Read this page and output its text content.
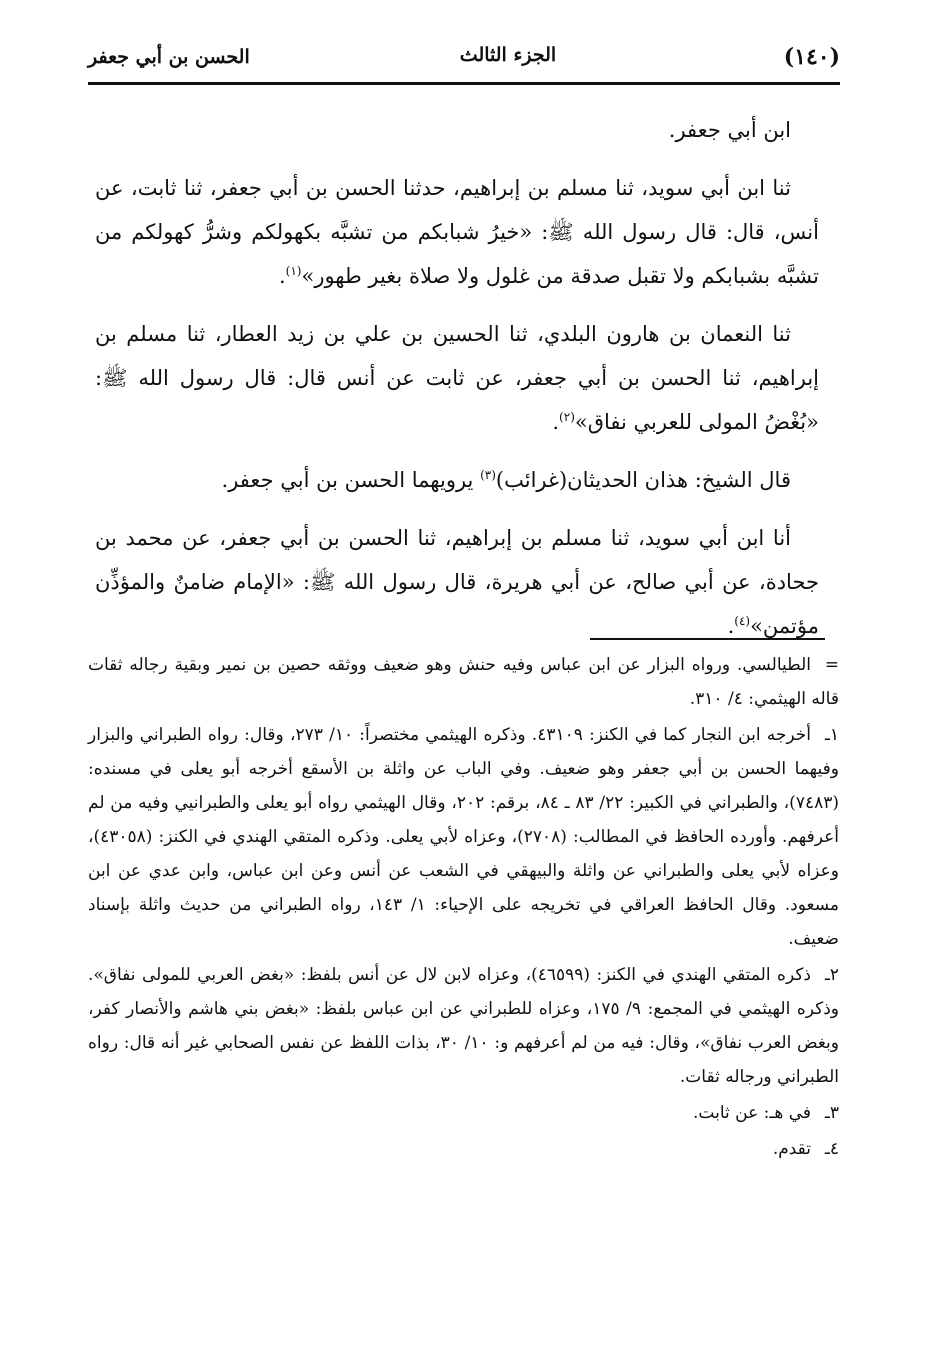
الحسن بن أبي جعفر	الجزء الثالث	(١٤٠)

ابن أبي جعفر.

ثنا ابن أبي سويد، ثنا مسلم بن إبراهيم، حدثنا الحسن بن أبي جعفر، ثنا ثابت، عن أنس، قال: قال رسول الله ﷺ: «خيرُ شبابكم من تشبَّه بكهولكم وشرُّ كهولكم من تشبَّه بشبابكم ولا تقبل صدقة من غلول ولا صلاة بغير طهور»$^{(١)}$.

ثنا النعمان بن هارون البلدي، ثنا الحسين بن علي بن زيد العطار، ثنا مسلم بن إبراهيم، ثنا الحسن بن أبي جعفر، عن ثابت عن أنس قال: قال رسول الله ﷺ: «بُغْضُ المولى للعربي نفاق»$^{(٢)}$.

قال الشيخ: هذان الحديثان(غرائب)$^{(٣)}$ يرويهما الحسن بن أبي جعفر.

أنا ابن أبي سويد، ثنا مسلم بن إبراهيم، ثنا الحسن بن أبي جعفر، عن محمد بن جحادة، عن أبي صالح، عن أبي هريرة، قال رسول الله ﷺ: «الإمام ضامنٌ والمؤذِّن مؤتمن»$^{(٤)}$.

=الطيالسي. ورواه البزار عن ابن عباس وفيه حنش وهو ضعيف ووثقه حصين بن نمير وبقية رجاله ثقات قاله الهيثمي: ٤/ ٣١٠.

١ـأخرجه ابن النجار كما في الكنز: ٤٣١٠٩. وذكره الهيثمي مختصراً: ١٠/ ٢٧٣، وقال: رواه الطبراني والبزار وفيهما الحسن بن أبي جعفر وهو ضعيف. وفي الباب عن واثلة بن الأسقع أخرجه أبو يعلى في مسنده: (٧٤٨٣)، والطبراني في الكبير: ٢٢/ ٨٣ ـ ٨٤، برقم: ٢٠٢، وقال الهيثمي رواه أبو يعلى والطبرانيي وفيه من لم أعرفهم. وأورده الحافظ في المطالب: (٢٧٠٨)، وعزاه لأبي يعلى. وذكره المتقي الهندي في الكنز: (٤٣٠٥٨)، وعزاه لأبي يعلى والطبراني عن واثلة والبيهقي في الشعب عن أنس وعن ابن عباس، وابن عدي عن ابن مسعود. وقال الحافظ العراقي في تخريجه على الإحياء: ١/ ١٤٣، رواه الطبراني من حديث واثلة بإسناد ضعيف.

٢ـذكره المتقي الهندي في الكنز: (٤٦٥٩٩)، وعزاه لابن لال عن أنس بلفظ: «بغض العربي للمولى نفاق». وذكره الهيثمي في المجمع: ٩/ ١٧٥، وعزاه للطبراني عن ابن عباس بلفظ: «بغض بني هاشم والأنصار كفر، وبغض العرب نفاق»، وقال: فيه من لم أعرفهم و: ١٠/ ٣٠، بذات اللفظ عن نفس الصحابي غير أنه قال: رواه الطبراني ورجاله ثقات.

٣ـفي هـ: عن ثابت.

٤ـتقدم.
